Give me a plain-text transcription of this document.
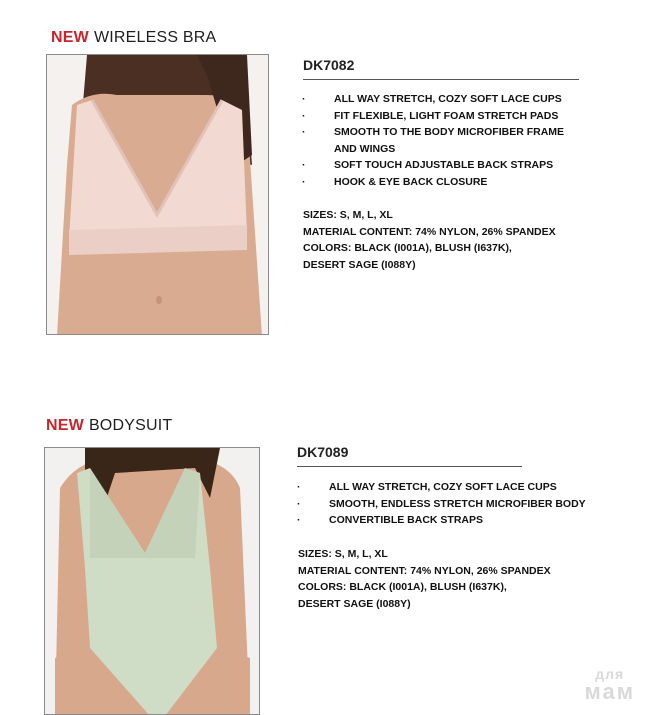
NEW WIRELESS BRA
DK7082
· ALL WAY STRETCH, COZY SOFT LACE CUPS
· FIT FLEXIBLE, LIGHT FOAM STRETCH PADS
· SMOOTH TO THE BODY MICROFIBER FRAME AND WINGS
· SOFT TOUCH ADJUSTABLE BACK STRAPS
· HOOK & EYE BACK CLOSURE
SIZES: S, M, L, XL
MATERIAL CONTENT: 74% NYLON, 26% SPANDEX
COLORS: BLACK (I001A), BLUSH (I637K),
DESERT SAGE (I088Y)
NEW BODYSUIT
DK7089
· ALL WAY STRETCH, COZY SOFT LACE CUPS
· SMOOTH, ENDLESS STRETCH MICROFIBER BODY
· CONVERTIBLE BACK STRAPS
SIZES: S, M, L, XL
MATERIAL CONTENT: 74% NYLON, 26% SPANDEX
COLORS: BLACK (I001A), BLUSH (I637K),
DESERT SAGE (I088Y)
для
мам
